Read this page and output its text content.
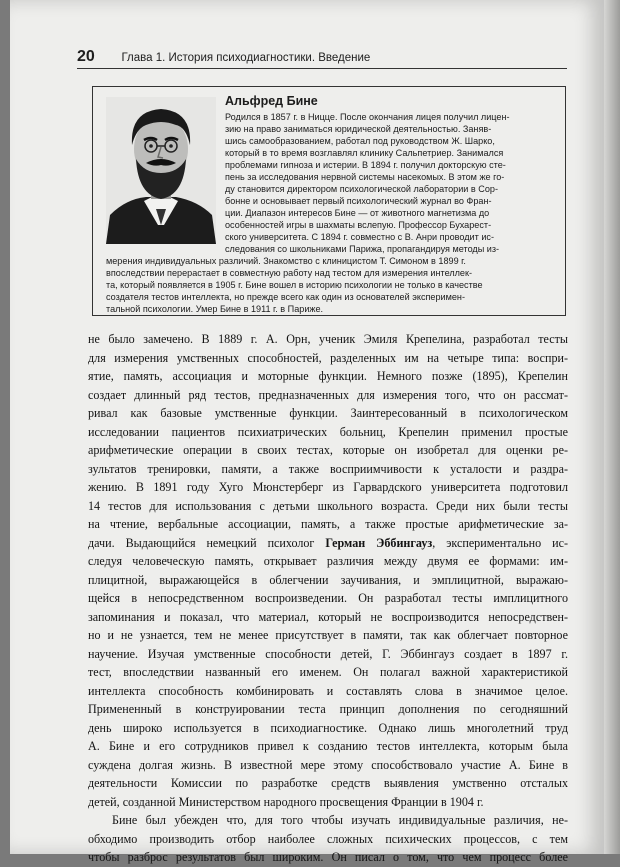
20 Глава 1. История психодиагностики. Введение
Альфред Бине
Родился в 1857 г. в Ницце. После окончания лицея получил лицен-
зию на право заниматься юридической деятельностью. Заняв-
шись самообразованием, работал под руководством Ж. Шарко,
который в то время возглавлял клинику Сальпетриер. Занимался
проблемами гипноза и истерии. В 1894 г. получил докторскую сте-
пень за исследования нервной системы насекомых. В этом же го-
ду становится директором психологической лаборатории в Сор-
бонне и основывает первый психологический журнал во Фран-
ции. Диапазон интересов Бине — от животного магнетизма до
особенностей игры в шахматы вслепую. Профессор Бухарест-
ского университета. С 1894 г. совместно с В. Анри проводит ис-
следования со школьниками Парижа, пропагандируя методы из-
мерения индивидуальных различий. Знакомство с клиницистом Т. Симоном в 1899 г.
впоследствии перерастает в совместную работу над тестом для измерения интеллек-
та, который появляется в 1905 г. Бине вошел в историю психологии не только в качестве
создателя тестов интеллекта, но прежде всего как один из основателей эксперимен-
тальной психологии. Умер Бине в 1911 г. в Париже.
не было замечено. В 1889 г. А. Орн, ученик Эмиля Крепелина, разработал тесты
для измерения умственных способностей, разделенных им на четыре типа: воспри-
ятие, память, ассоциация и моторные функции. Немного позже (1895), Крепелин
создает длинный ряд тестов, предназначенных для измерения того, что он рассмат-
ривал как базовые умственные функции. Заинтересованный в психологическом
исследовании пациентов психиатрических больниц, Крепелин применил простые
арифметические операции в своих тестах, которые он изобретал для оценки ре-
зультатов тренировки, памяти, а также восприимчивости к усталости и раздра-
жению. В 1891 году Хуго Мюнстерберг из Гарвардского университета подготовил
14 тестов для использования с детьми школьного возраста. Среди них были тесты
на чтение, вербальные ассоциации, память, а также простые арифметические за-
дачи. Выдающийся немецкий психолог Герман Эббингауз, экспериментально ис-
следуя человеческую память, открывает различия между двумя ее формами: им-
плицитной, выражающейся в облегчении заучивания, и эмплицитной, выражаю-
щейся в непосредственном воспроизведении. Он разработал тесты имплицитного
запоминания и показал, что материал, который не воспроизводится непосредствен-
но и не узнается, тем не менее присутствует в памяти, так как облегчает повторное
научение. Изучая умственные способности детей, Г. Эббингауз создает в 1897 г.
тест, впоследствии названный его именем. Он полагал важной характеристикой
интеллекта способность комбинировать и составлять слова в значимое целое.
Примененный в конструировании теста принцип дополнения по сегодняшний
день широко используется в психодиагностике. Однако лишь многолетний труд
А. Бине и его сотрудников привел к созданию тестов интеллекта, которым была
суждена долгая жизнь. В известной мере этому способствовало участие А. Бине в
деятельности Комиссии по разработке средств выявления умственно отсталых
детей, созданной Министерством народного просвещения Франции в 1904 г.
Бине был убежден что, для того чтобы изучать индивидуальные различия, не-
обходимо производить отбор наиболее сложных психических процессов, с тем
чтобы разброс результатов был широким. Он писал о том, что чем процесс более
